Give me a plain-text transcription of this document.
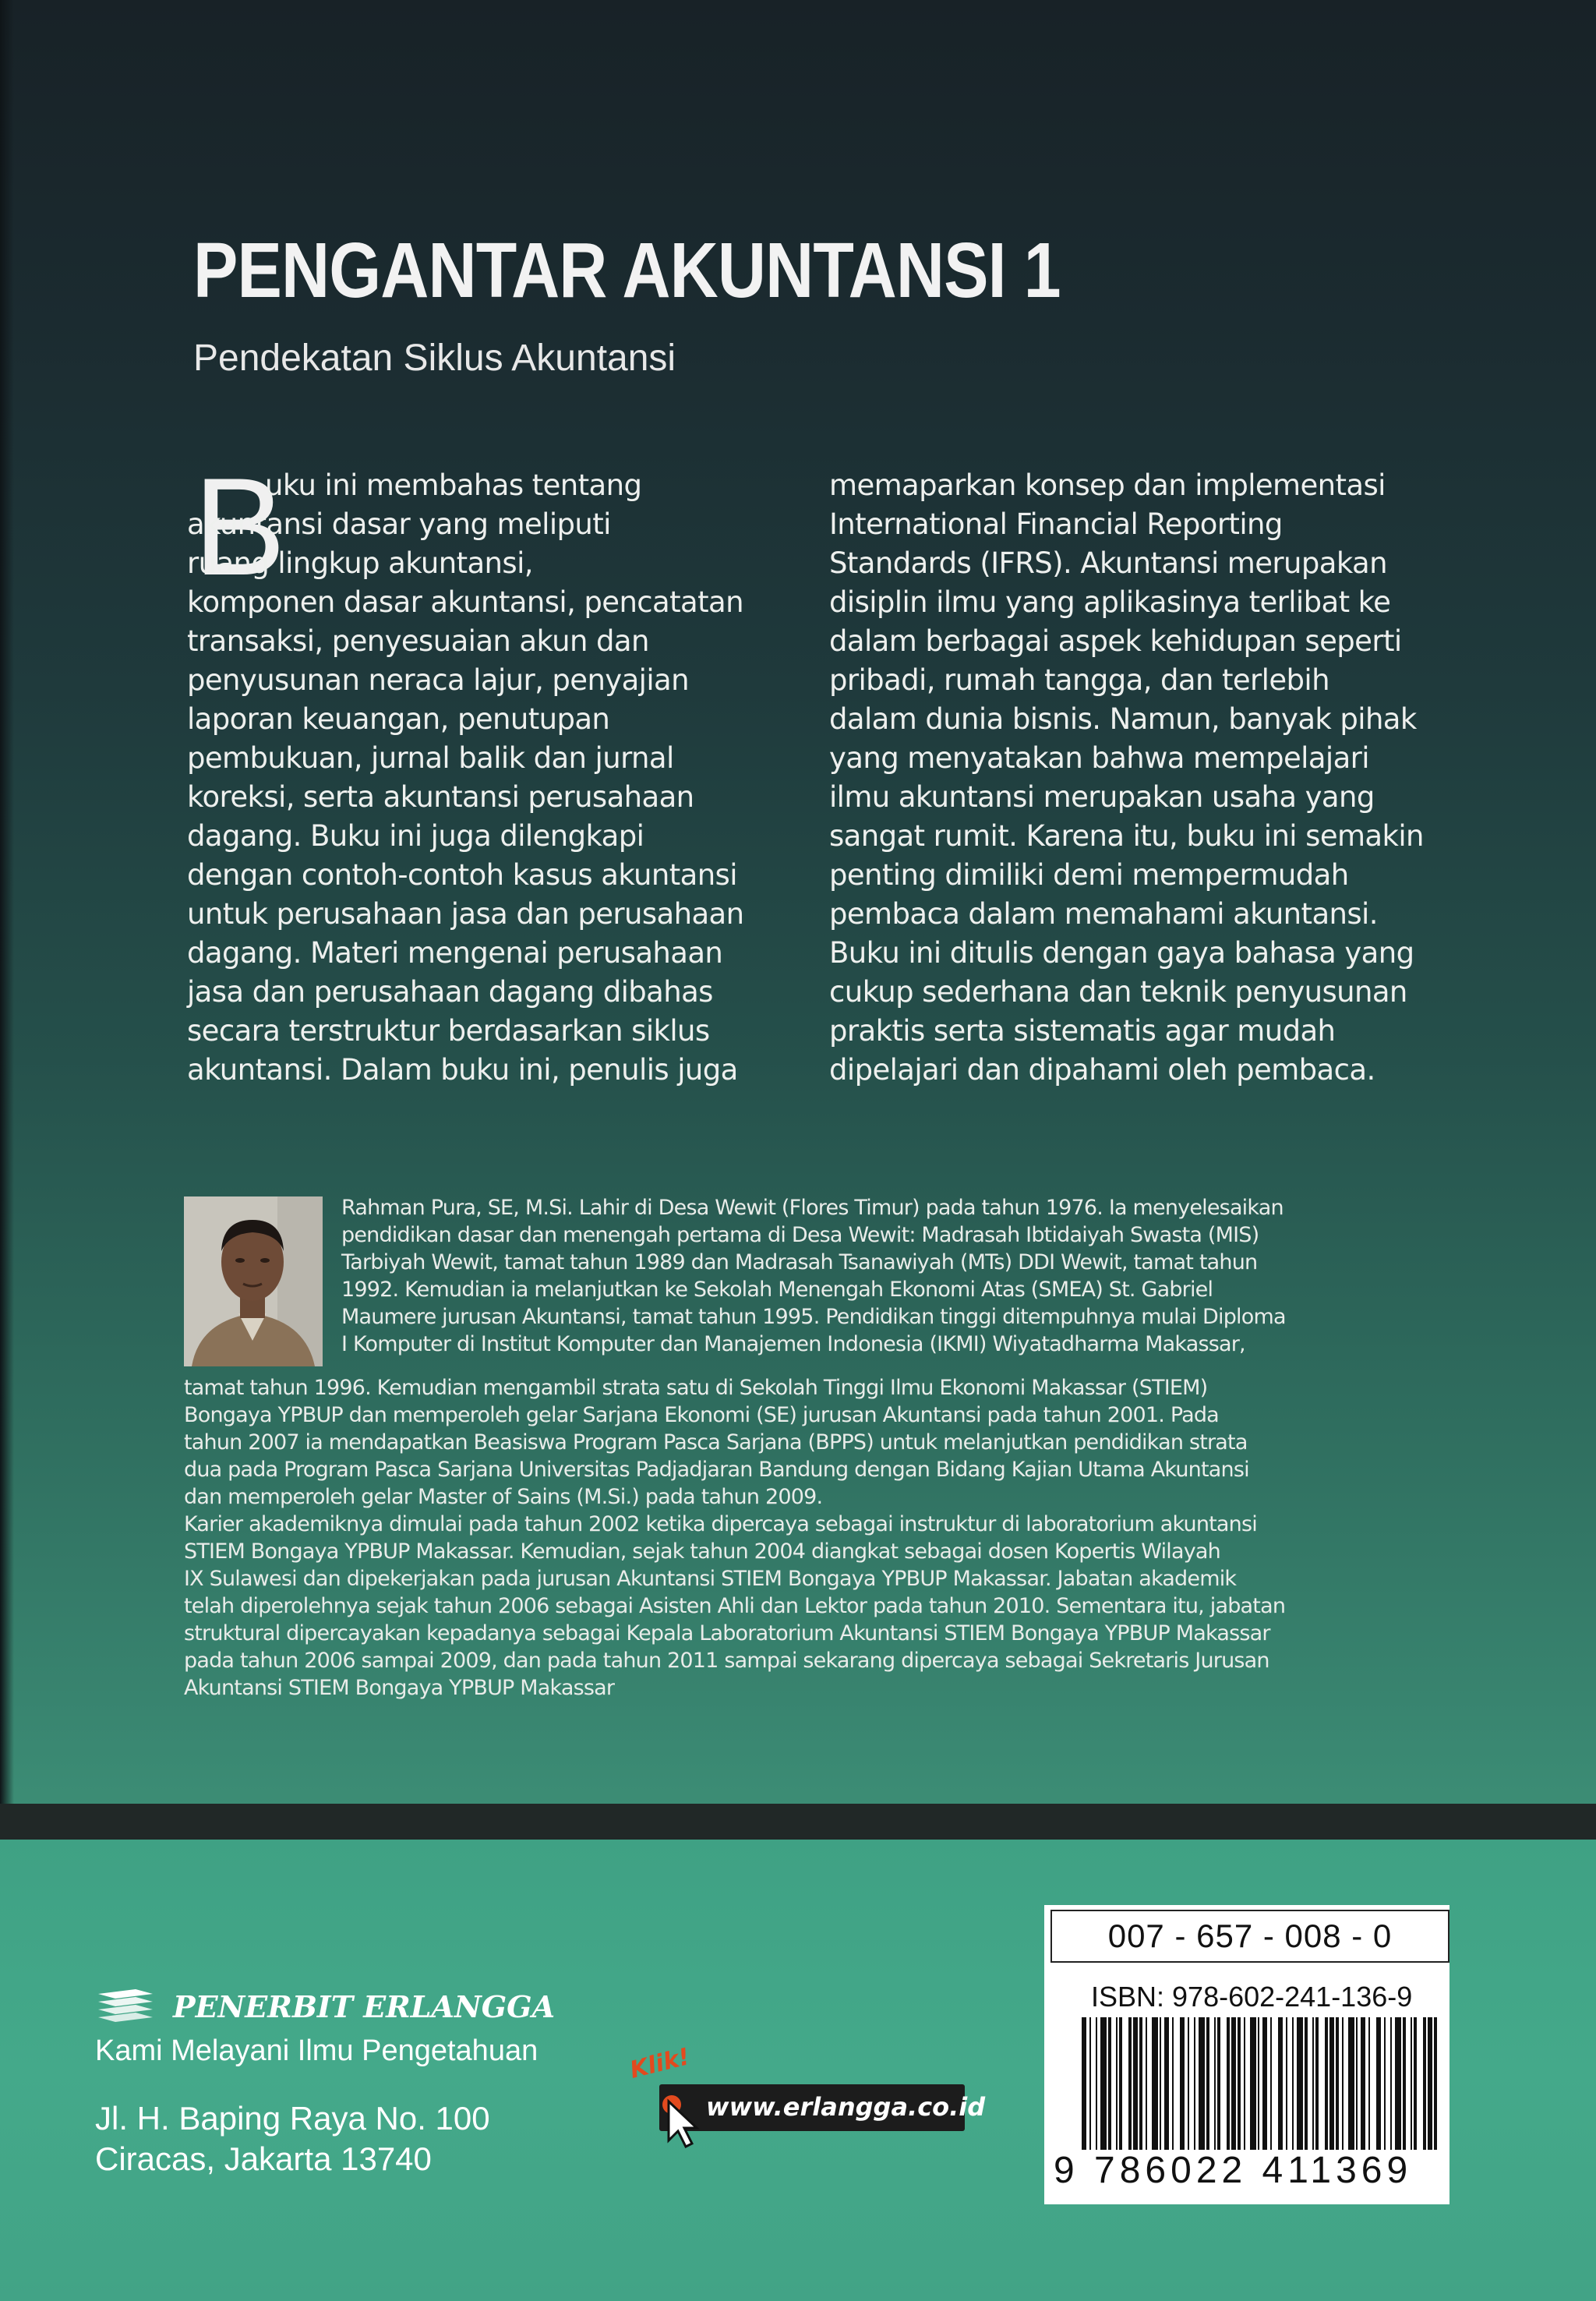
PENGANTAR AKUNTANSI 1
Pendekatan Siklus Akuntansi
B
uku ini membahas tentang
akuntansi dasar yang meliputi
ruang lingkup akuntansi,
komponen dasar akuntansi, pencatatan
transaksi, penyesuaian akun dan
penyusunan neraca lajur, penyajian
laporan keuangan, penutupan
pembukuan, jurnal balik dan jurnal
koreksi, serta akuntansi perusahaan
dagang. Buku ini juga dilengkapi
dengan contoh-contoh kasus akuntansi
untuk perusahaan jasa dan perusahaan
dagang. Materi mengenai perusahaan
jasa dan perusahaan dagang dibahas
secara terstruktur berdasarkan siklus
akuntansi. Dalam buku ini, penulis juga
memaparkan konsep dan implementasi
International Financial Reporting
Standards (IFRS). Akuntansi merupakan
disiplin ilmu yang aplikasinya terlibat ke
dalam berbagai aspek kehidupan seperti
pribadi, rumah tangga, dan terlebih
dalam dunia bisnis. Namun, banyak pihak
yang menyatakan bahwa mempelajari
ilmu akuntansi merupakan usaha yang
sangat rumit. Karena itu, buku ini semakin
penting dimiliki demi mempermudah
pembaca dalam memahami akuntansi.
Buku ini ditulis dengan gaya bahasa yang
cukup sederhana dan teknik penyusunan
praktis serta sistematis agar mudah
dipelajari dan dipahami oleh pembaca.
Rahman Pura, SE, M.Si. Lahir di Desa Wewit (Flores Timur) pada tahun 1976. Ia menyelesaikan
pendidikan dasar dan menengah pertama di Desa Wewit: Madrasah Ibtidaiyah Swasta (MIS)
Tarbiyah Wewit, tamat tahun 1989 dan Madrasah Tsanawiyah (MTs) DDI Wewit, tamat tahun
1992. Kemudian ia melanjutkan ke Sekolah Menengah Ekonomi Atas (SMEA) St. Gabriel
Maumere jurusan Akuntansi, tamat tahun 1995. Pendidikan tinggi ditempuhnya mulai Diploma
I Komputer di Institut Komputer dan Manajemen Indonesia (IKMI) Wiyatadharma Makassar,
tamat tahun 1996. Kemudian mengambil strata satu di Sekolah Tinggi Ilmu Ekonomi Makassar (STIEM)
Bongaya YPBUP dan memperoleh gelar Sarjana Ekonomi (SE) jurusan Akuntansi pada tahun 2001. Pada
tahun 2007 ia mendapatkan Beasiswa Program Pasca Sarjana (BPPS) untuk melanjutkan pendidikan strata
dua pada Program Pasca Sarjana Universitas Padjadjaran Bandung dengan Bidang Kajian Utama Akuntansi
dan memperoleh gelar Master of Sains (M.Si.) pada tahun 2009.
Karier akademiknya dimulai pada tahun 2002 ketika dipercaya sebagai instruktur di laboratorium akuntansi
STIEM Bongaya YPBUP Makassar. Kemudian, sejak tahun 2004 diangkat sebagai dosen Kopertis Wilayah
IX Sulawesi dan dipekerjakan pada jurusan Akuntansi STIEM Bongaya YPBUP Makassar. Jabatan akademik
telah diperolehnya sejak tahun 2006 sebagai Asisten Ahli dan Lektor pada tahun 2010. Sementara itu, jabatan
struktural dipercayakan kepadanya sebagai Kepala Laboratorium Akuntansi STIEM Bongaya YPBUP Makassar
pada tahun 2006 sampai 2009, dan pada tahun 2011 sampai sekarang dipercaya sebagai Sekretaris Jurusan
Akuntansi STIEM Bongaya YPBUP Makassar
PENERBIT ERLANGGA
Kami Melayani Ilmu Pengetahuan
Jl. H. Baping Raya No. 100
Ciracas, Jakarta 13740
www.erlangga.co.id
Klik!
007 - 657 - 008 - 0
ISBN: 978-602-241-136-9
9 786022 411369
